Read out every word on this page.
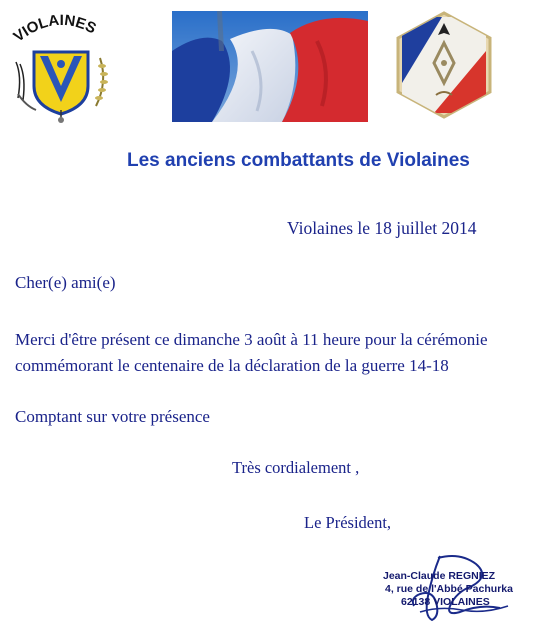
VIOLAINES
Les anciens combattants de Violaines
Violaines le 18 juillet 2014
Cher(e) ami(e)
Merci d'être présent ce dimanche 3 août à 11 heure pour la cérémonie
commémorant le centenaire de la déclaration de la guerre 14-18
Comptant sur votre présence
Très cordialement ,
Le Président,
Jean-Claude REGNIEZ
4, rue de l'Abbé Pachurka
62138 VIOLAINES
